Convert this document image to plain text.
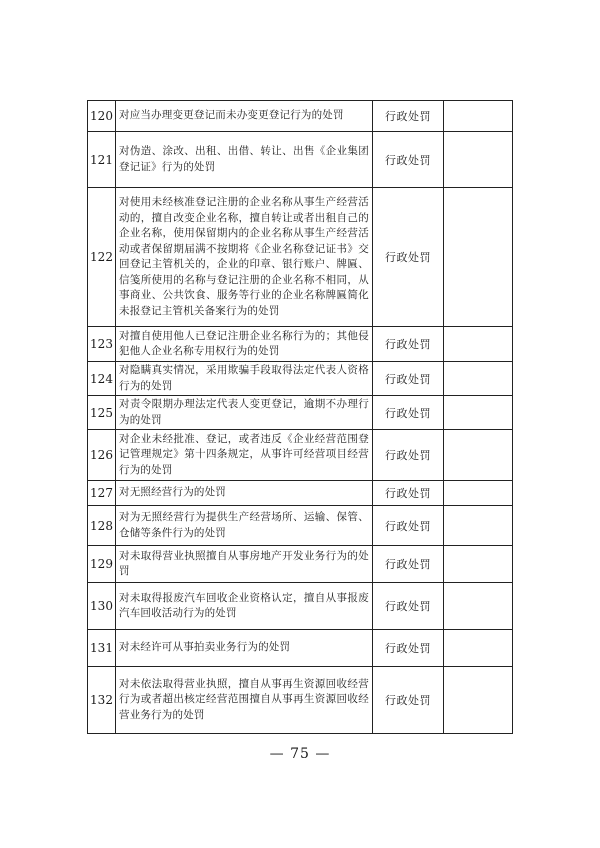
120	对应当办理变更登记而未办变更登记行为的处罚	行政处罚	
121	对伪造、涂改、出租、出借、转让、出售《企业集团登记证》行为的处罚	行政处罚	
122	对使用未经核准登记注册的企业名称从事生产经营活动的，擅自改变企业名称，擅自转让或者出租自己的企业名称，使用保留期内的企业名称从事生产经营活动或者保留期届满不按期将《企业名称登记证书》交回登记主管机关的，企业的印章、银行账户、牌匾、信笺所使用的名称与登记注册的企业名称不相同，从事商业、公共饮食、服务等行业的企业名称牌匾简化未报登记主管机关备案行为的处罚	行政处罚	
123	对擅自使用他人已登记注册企业名称行为的；其他侵犯他人企业名称专用权行为的处罚	行政处罚	
124	对隐瞒真实情况，采用欺骗手段取得法定代表人资格行为的处罚	行政处罚	
125	对责令限期办理法定代表人变更登记，逾期不办理行为的处罚	行政处罚	
126	对企业未经批准、登记，或者违反《企业经营范围登记管理规定》第十四条规定，从事许可经营项目经营行为的处罚	行政处罚	
127	对无照经营行为的处罚	行政处罚	
128	对为无照经营行为提供生产经营场所、运输、保管、仓储等条件行为的处罚	行政处罚	
129	对未取得营业执照擅自从事房地产开发业务行为的处罚	行政处罚	
130	对未取得报废汽车回收企业资格认定，擅自从事报废汽车回收活动行为的处罚	行政处罚	
131	对未经许可从事拍卖业务行为的处罚	行政处罚	
132	对未依法取得营业执照，擅自从事再生资源回收经营行为或者超出核定经营范围擅自从事再生资源回收经营业务行为的处罚	行政处罚	
— 75 —
